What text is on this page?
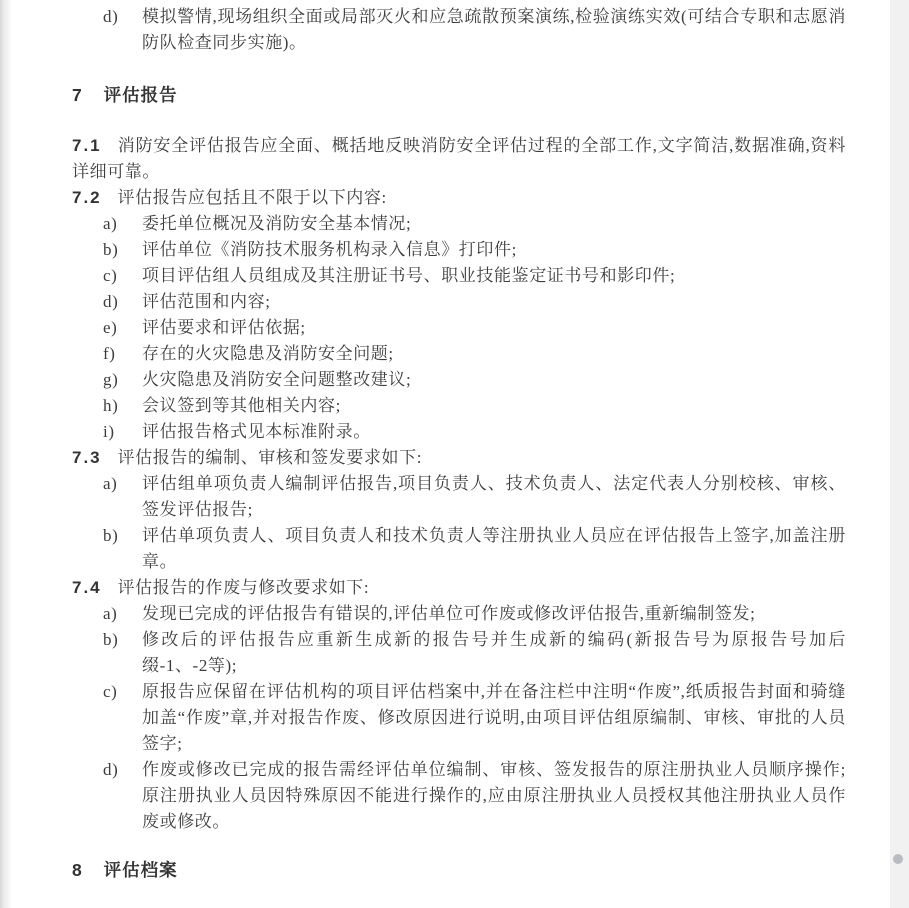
d) 模拟警情,现场组织全面或局部灭火和应急疏散预案演练,检验演练实效(可结合专职和志愿消防队检查同步实施)。
7 评估报告

7.1 消防安全评估报告应全面、概括地反映消防安全评估过程的全部工作,文字简洁,数据准确,资料详细可靠。

7.2 评估报告应包括且不限于以下内容:

a) 委托单位概况及消防安全基本情况;
b) 评估单位《消防技术服务机构录入信息》打印件;
c) 项目评估组人员组成及其注册证书号、职业技能鉴定证书号和影印件;
d) 评估范围和内容;
e) 评估要求和评估依据;
f) 存在的火灾隐患及消防安全问题;
g) 火灾隐患及消防安全问题整改建议;
h) 会议签到等其他相关内容;
i) 评估报告格式见本标准附录。

7.3 评估报告的编制、审核和签发要求如下:

a) 评估组单项负责人编制评估报告,项目负责人、技术负责人、法定代表人分别校核、审核、签发评估报告;
b) 评估单项负责人、项目负责人和技术负责人等注册执业人员应在评估报告上签字,加盖注册章。

7.4 评估报告的作废与修改要求如下:

a) 发现已完成的评估报告有错误的,评估单位可作废或修改评估报告,重新编制签发;
b) 修改后的评估报告应重新生成新的报告号并生成新的编码(新报告号为原报告号加后缀-1、-2等);
c) 原报告应保留在评估机构的项目评估档案中,并在备注栏中注明“作废”,纸质报告封面和骑缝加盖“作废”章,并对报告作废、修改原因进行说明,由项目评估组原编制、审核、审批的人员签字;
d) 作废或修改已完成的报告需经评估单位编制、审核、签发报告的原注册执业人员顺序操作;原注册执业人员因特殊原因不能进行操作的,应由原注册执业人员授权其他注册执业人员作废或修改。
8 评估档案
